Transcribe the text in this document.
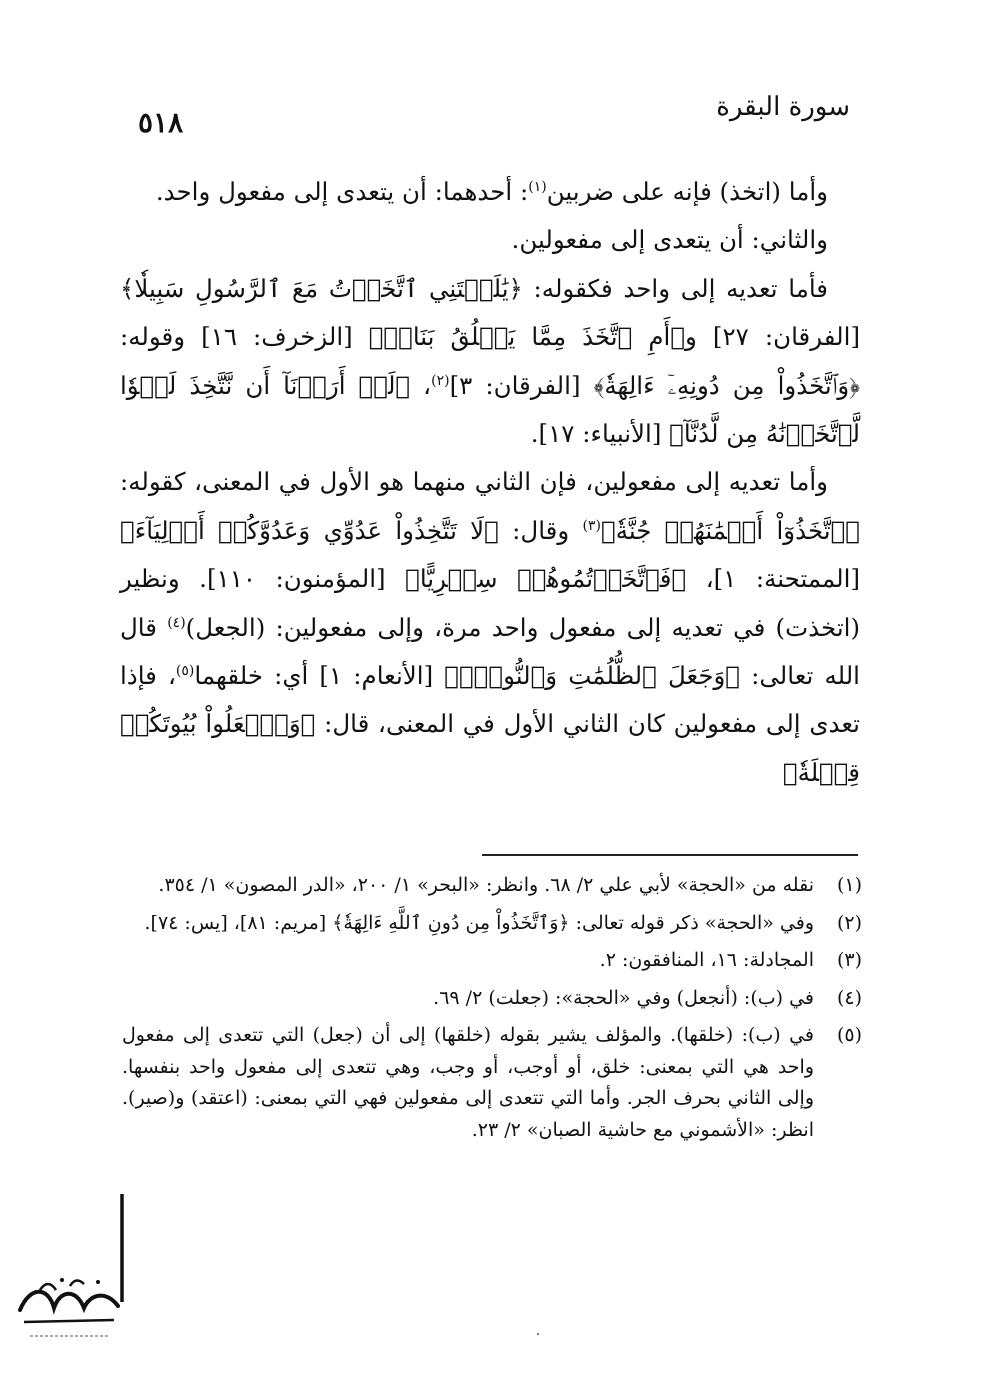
سورة البقرة
٥١٨

وأما (اتخذ) فإنه على ضربين$^{(١)}$: أحدهما: أن يتعدى إلى مفعول واحد.

والثاني: أن يتعدى إلى مفعولين.

فأما تعديه إلى واحد فكقوله: ﴿يَٰلَيۡتَنِي ٱتَّخَذۡتُ مَعَ ٱلرَّسُولِ سَبِيلٗا﴾ [الفرقان: ٢٧] و﴿أَمِ ٱتَّخَذَ مِمَّا يَخۡلُقُ بَنَاتٖ﴾ [الزخرف: ١٦] وقوله: ﴿وَٱتَّخَذُواْ مِن دُونِهِۦٓ ءَالِهَةٗ﴾ [الفرقان: ٣]$^{(٢)}$، ﴿لَوۡ أَرَدۡنَآ أَن نَّتَّخِذَ لَهۡوٗا لَّٱتَّخَذۡنَٰهُ مِن لَّدُنَّآ﴾ [الأنبياء: ١٧].

وأما تعديه إلى مفعولين، فإن الثاني منهما هو الأول في المعنى، كقوله: ﴿ٱتَّخَذُوٓاْ أَيۡمَٰنَهُمۡ جُنَّةٗ﴾$^{(٣)}$ وقال: ﴿لَا تَتَّخِذُواْ عَدُوِّي وَعَدُوَّكُمۡ أَوۡلِيَآءَ﴾ [الممتحنة: ١]، ﴿فَٱتَّخَذۡتُمُوهُمۡ سِخۡرِيًّا﴾ [المؤمنون: ١١٠]. ونظير (اتخذت) في تعديه إلى مفعول واحد مرة، وإلى مفعولين: (الجعل)$^{(٤)}$ قال الله تعالى: ﴿وَجَعَلَ ٱلظُّلُمَٰتِ وَٱلنُّورَۖ﴾ [الأنعام: ١] أي: خلقهما$^{(٥)}$، فإذا تعدى إلى مفعولين كان الثاني الأول في المعنى، قال: ﴿وَٱجۡعَلُواْ بُيُوتَكُمۡ قِبۡلَةٗ﴾

(١)
نقله من «الحجة» لأبي علي ٢/ ٦٨. وانظر: «البحر» ١/ ٢٠٠، «الدر المصون» ١/ ٣٥٤.
(٢)
وفي «الحجة» ذكر قوله تعالى: ﴿وَٱتَّخَذُواْ مِن دُونِ ٱللَّهِ ءَالِهَةٗ﴾ [مريم: ٨١]، [يس: ٧٤].
(٣)
المجادلة: ١٦، المنافقون: ٢.
(٤)
في (ب): (أنجعل) وفي «الحجة»: (جعلت) ٢/ ٦٩.
(٥)
في (ب): (خلقها). والمؤلف يشير بقوله (خلقها) إلى أن (جعل) التي تتعدى إلى مفعول واحد هي التي بمعنى: خلق، أو أوجب، أو وجب، وهي تتعدى إلى مفعول واحد بنفسها. وإلى الثاني بحرف الجر. وأما التي تتعدى إلى مفعولين فهي التي بمعنى: (اعتقد) و(صير). انظر: «الأشموني مع حاشية الصبان» ٢/ ٢٣.
